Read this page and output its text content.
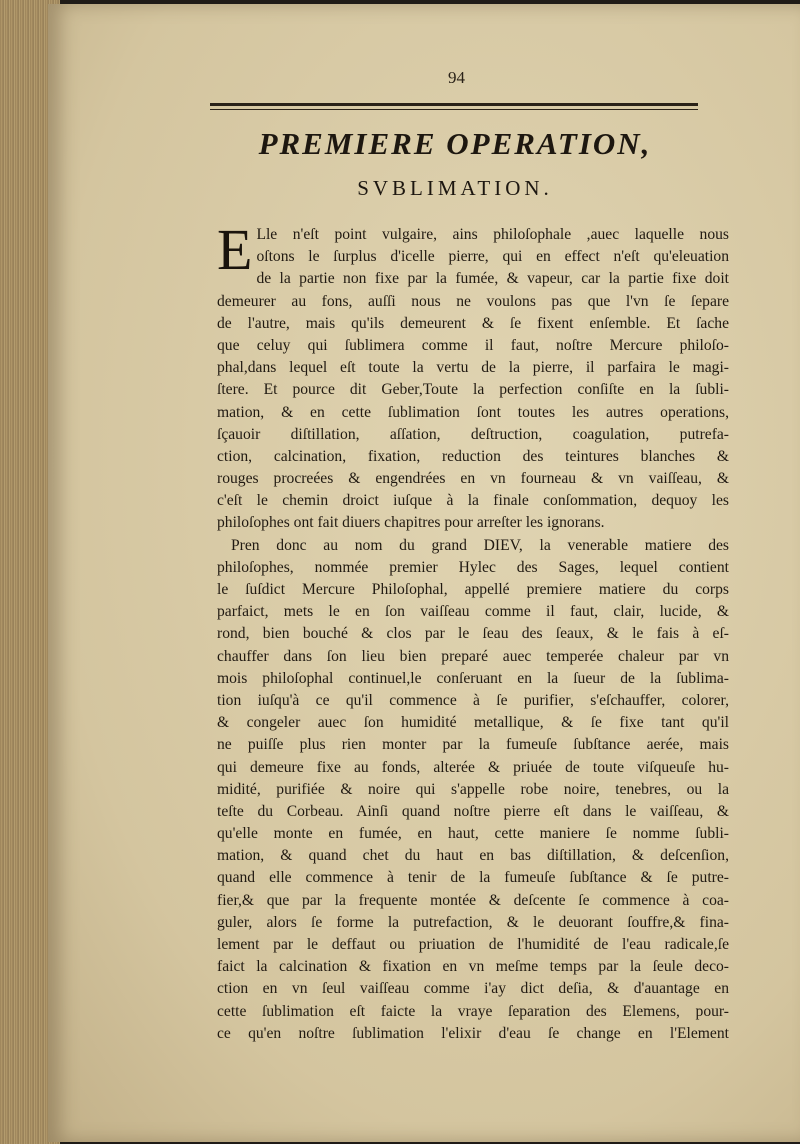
94
PREMIERE OPERATION,
SVBLIMATION.
E Lle n'eſt point vulgaire, ains philoſophale ,auec laquelle nous
oſtons le ſurplus d'icelle pierre, qui en effect n'eſt qu'eleuation
de la partie non fixe par la fumée, & vapeur, car la partie fixe doit
demeurer au fons, auſſi nous ne voulons pas que l'vn ſe ſepare
de l'autre, mais qu'ils demeurent & ſe fixent enſemble. Et ſache
que celuy qui ſublimera comme il faut, noſtre Mercure philoſo-
phal,dans lequel eſt toute la vertu de la pierre, il parfaira le magi-
ſtere. Et pource dit Geber,Toute la perfection conſiſte en la ſubli-
mation, & en cette ſublimation ſont toutes les autres operations,
ſçauoir diſtillation, aſſation, deſtruction, coagulation, putrefa-
ction, calcination, fixation, reduction des teintures blanches &
rouges procreées & engendrées en vn fourneau & vn vaiſſeau, &
c'eſt le chemin droict iuſque à la finale conſommation, dequoy les
philoſophes ont fait diuers chapitres pour arreſter les ignorans.
Pren donc au nom du grand DIEV, la venerable matiere des
philoſophes, nommée premier Hylec des Sages, lequel contient
le ſuſdict Mercure Philoſophal, appellé premiere matiere du corps
parfaict, mets le en ſon vaiſſeau comme il faut, clair, lucide, &
rond, bien bouché & clos par le ſeau des ſeaux, & le fais à eſ-
chauffer dans ſon lieu bien preparé auec temperée chaleur par vn
mois philoſophal continuel,le conſeruant en la ſueur de la ſublima-
tion iuſqu'à ce qu'il commence à ſe purifier, s'eſchauffer, colorer,
& congeler auec ſon humidité metallique, & ſe fixe tant qu'il
ne puiſſe plus rien monter par la fumeuſe ſubſtance aerée, mais
qui demeure fixe au fonds, alterée & priuée de toute viſqueuſe hu-
midité, purifiée & noire qui s'appelle robe noire, tenebres, ou la
teſte du Corbeau. Ainſi quand noſtre pierre eſt dans le vaiſſeau, &
qu'elle monte en fumée, en haut, cette maniere ſe nomme ſubli-
mation, & quand chet du haut en bas diſtillation, & deſcenſion,
quand elle commence à tenir de la fumeuſe ſubſtance & ſe putre-
fier,& que par la frequente montée & deſcente ſe commence à coa-
guler, alors ſe forme la putrefaction, & le deuorant ſouffre,& fina-
lement par le deffaut ou priuation de l'humidité de l'eau radicale,ſe
faict la calcination & fixation en vn meſme temps par la ſeule deco-
ction en vn ſeul vaiſſeau comme i'ay dict deſia, & d'auantage en
cette ſublimation eſt faicte la vraye ſeparation des Elemens, pour-
ce qu'en noſtre ſublimation l'elixir d'eau ſe change en l'Element
